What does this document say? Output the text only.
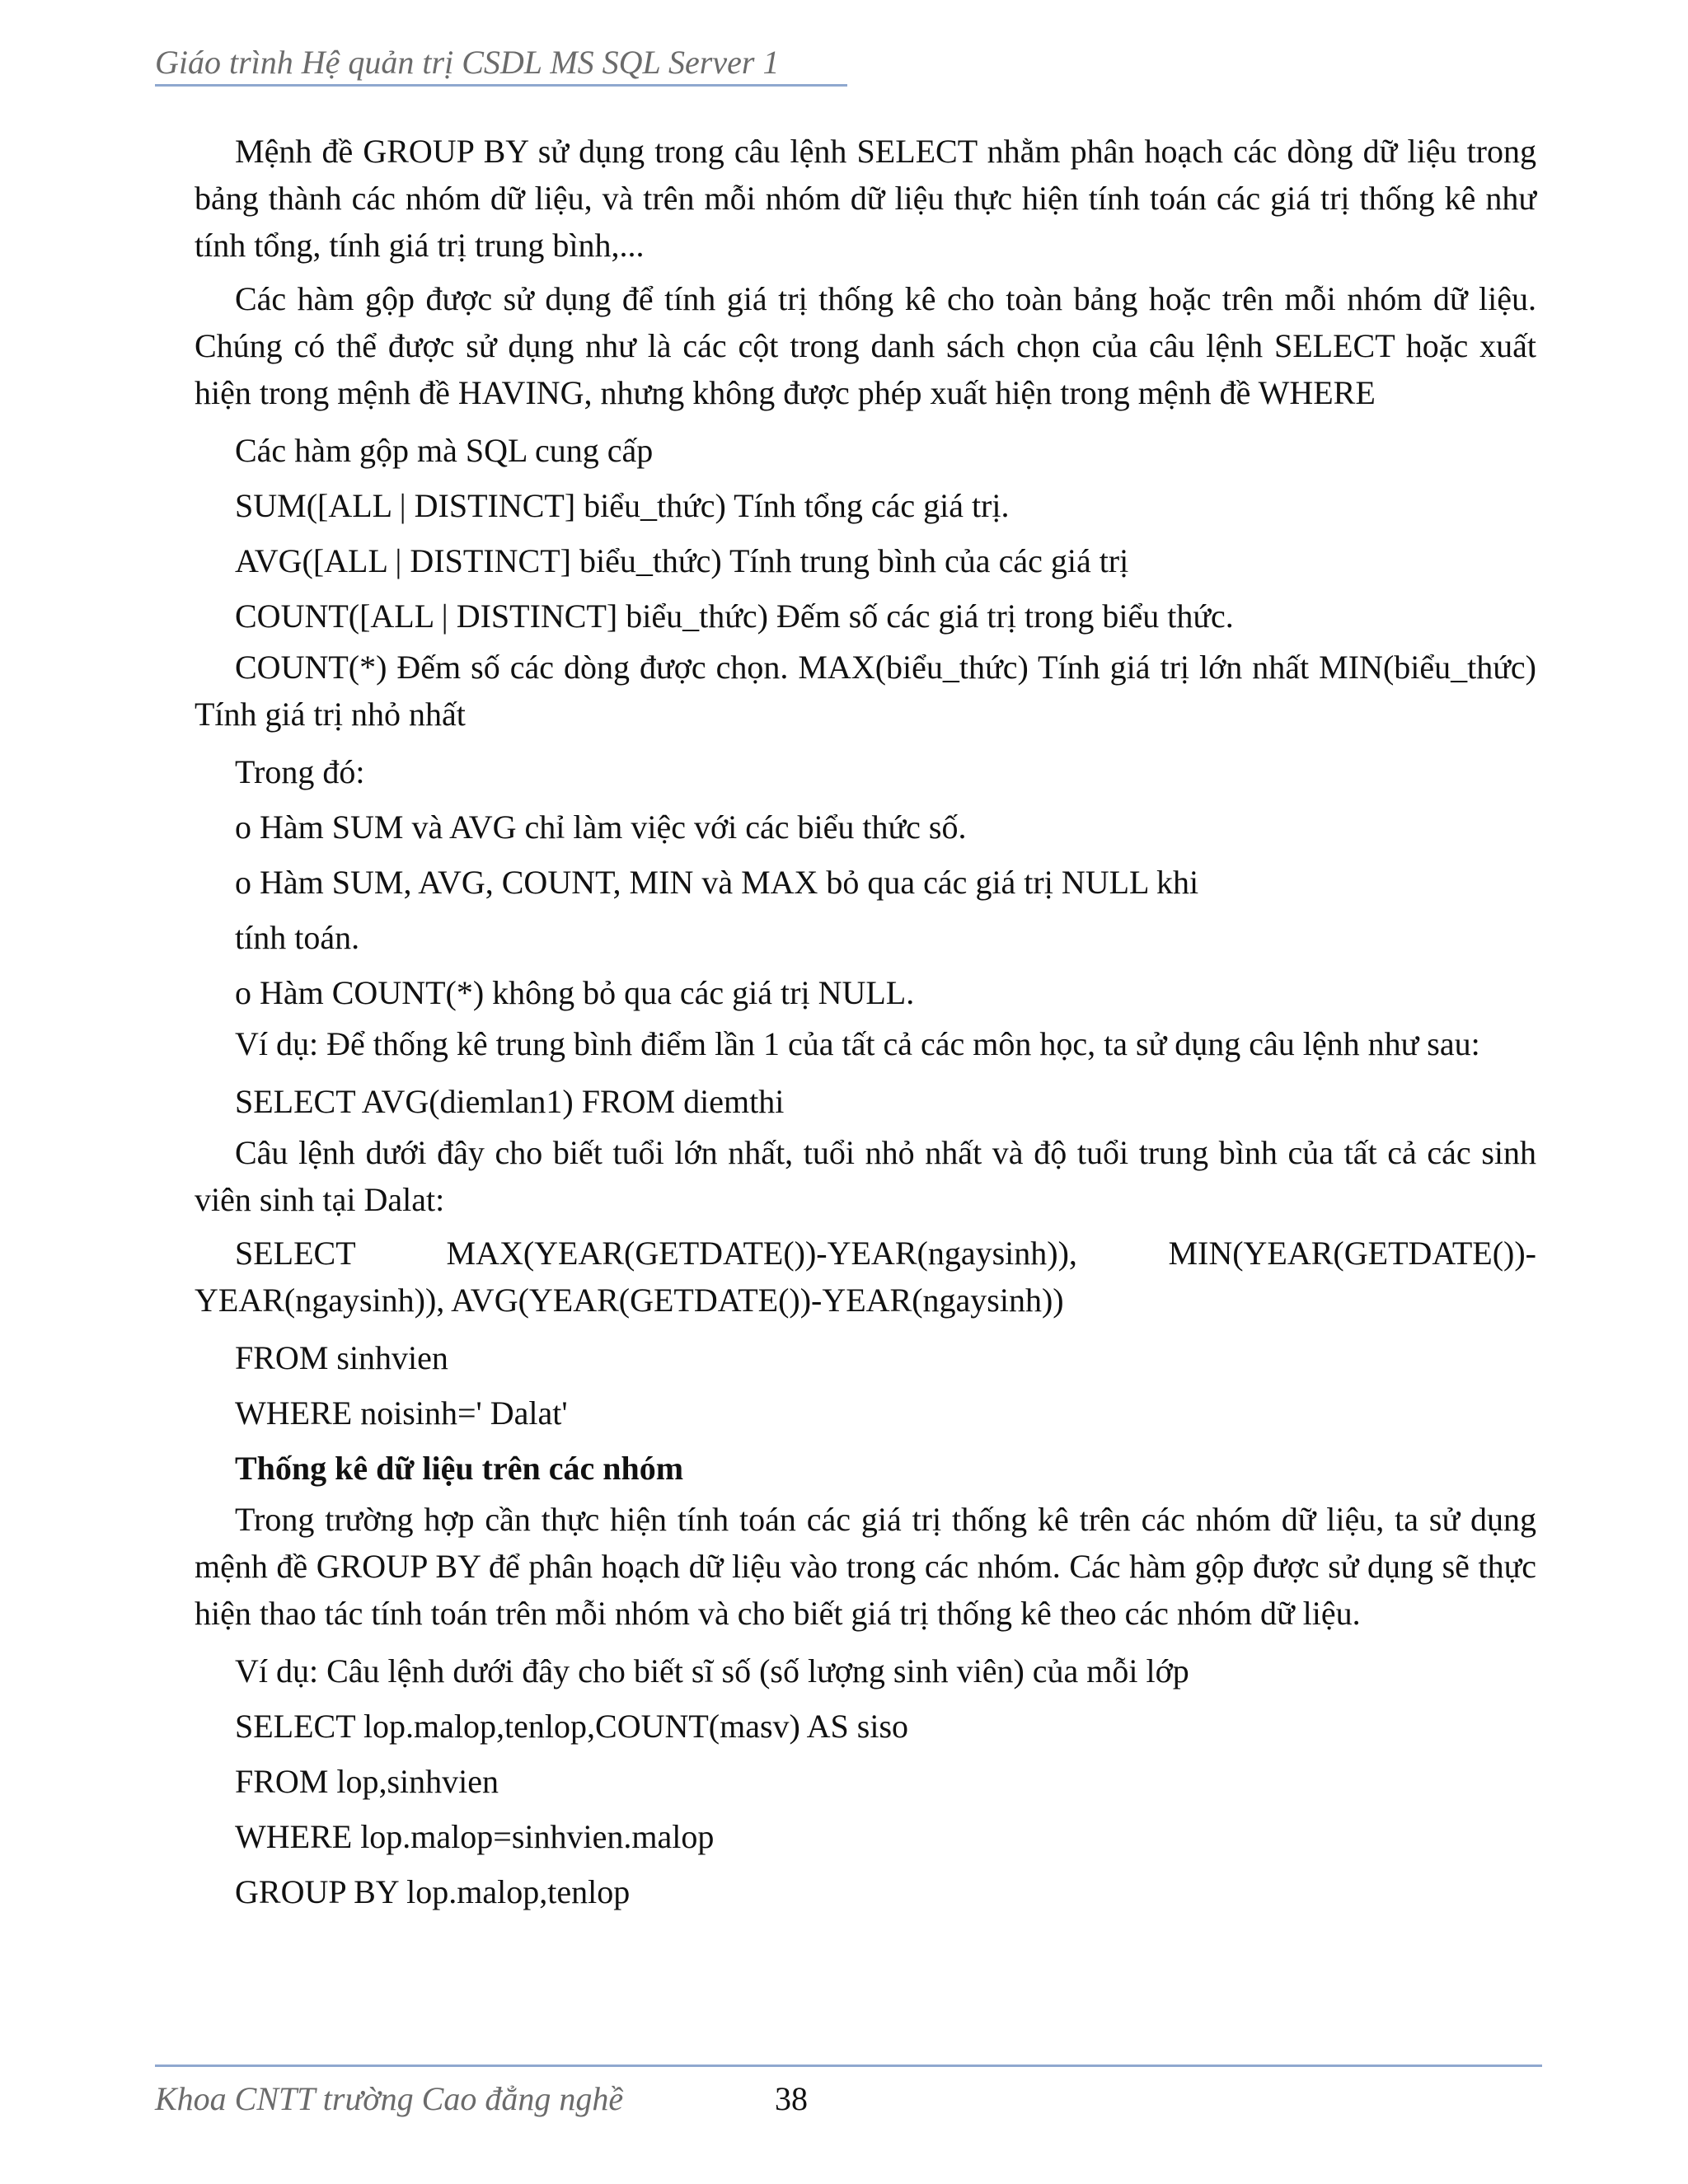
Giáo trình Hệ quản trị CSDL MS SQL Server 1

Mệnh đề GROUP BY sử dụng trong câu lệnh SELECT nhằm phân hoạch các dòng dữ liệu trong bảng thành các nhóm dữ liệu, và trên mỗi nhóm dữ liệu thực hiện tính toán các giá trị thống kê như tính tổng, tính giá trị trung bình,...

Các hàm gộp được sử dụng để tính giá trị thống kê cho toàn bảng hoặc trên mỗi nhóm dữ liệu. Chúng có thể được sử dụng như là các cột trong danh sách chọn của câu lệnh SELECT hoặc xuất hiện trong mệnh đề HAVING, nhưng không được phép xuất hiện trong mệnh đề WHERE

Các hàm gộp mà SQL cung cấp
SUM([ALL | DISTINCT] biểu_thức) Tính tổng các giá trị.
AVG([ALL | DISTINCT] biểu_thức) Tính trung bình của các giá trị
COUNT([ALL | DISTINCT] biểu_thức) Đếm số các giá trị trong biểu thức.

COUNT(*) Đếm số các dòng được chọn. MAX(biểu_thức) Tính giá trị lớn nhất MIN(biểu_thức) Tính giá trị nhỏ nhất

Trong đó:
o Hàm SUM và AVG chỉ làm việc với các biểu thức số.
o Hàm SUM, AVG, COUNT, MIN và MAX bỏ qua các giá trị NULL khi
tính toán.
o Hàm COUNT(*) không bỏ qua các giá trị NULL.

Ví dụ: Để thống kê trung bình điểm lần 1 của tất cả các môn học, ta sử dụng câu lệnh như sau:

SELECT AVG(diemlan1) FROM diemthi

Câu lệnh dưới đây cho biết tuổi lớn nhất, tuổi nhỏ nhất và độ tuổi trung bình của tất cả các sinh viên sinh tại Dalat:

SELECT MAX(YEAR(GETDATE())-YEAR(ngaysinh)), MIN(YEAR(GETDATE())-YEAR(ngaysinh)), AVG(YEAR(GETDATE())-YEAR(ngaysinh))

FROM sinhvien
WHERE noisinh=' Dalat'
Thống kê dữ liệu trên các nhóm

Trong trường hợp cần thực hiện tính toán các giá trị thống kê trên các nhóm dữ liệu, ta sử dụng mệnh đề GROUP BY để phân hoạch dữ liệu vào trong các nhóm. Các hàm gộp được sử dụng sẽ thực hiện thao tác tính toán trên mỗi nhóm và cho biết giá trị thống kê theo các nhóm dữ liệu.

Ví dụ: Câu lệnh dưới đây cho biết sĩ số (số lượng sinh viên) của mỗi lớp
SELECT lop.malop,tenlop,COUNT(masv) AS siso
FROM lop,sinhvien
WHERE lop.malop=sinhvien.malop
GROUP BY lop.malop,tenlop
Khoa CNTT trường Cao đẳng nghề	38
